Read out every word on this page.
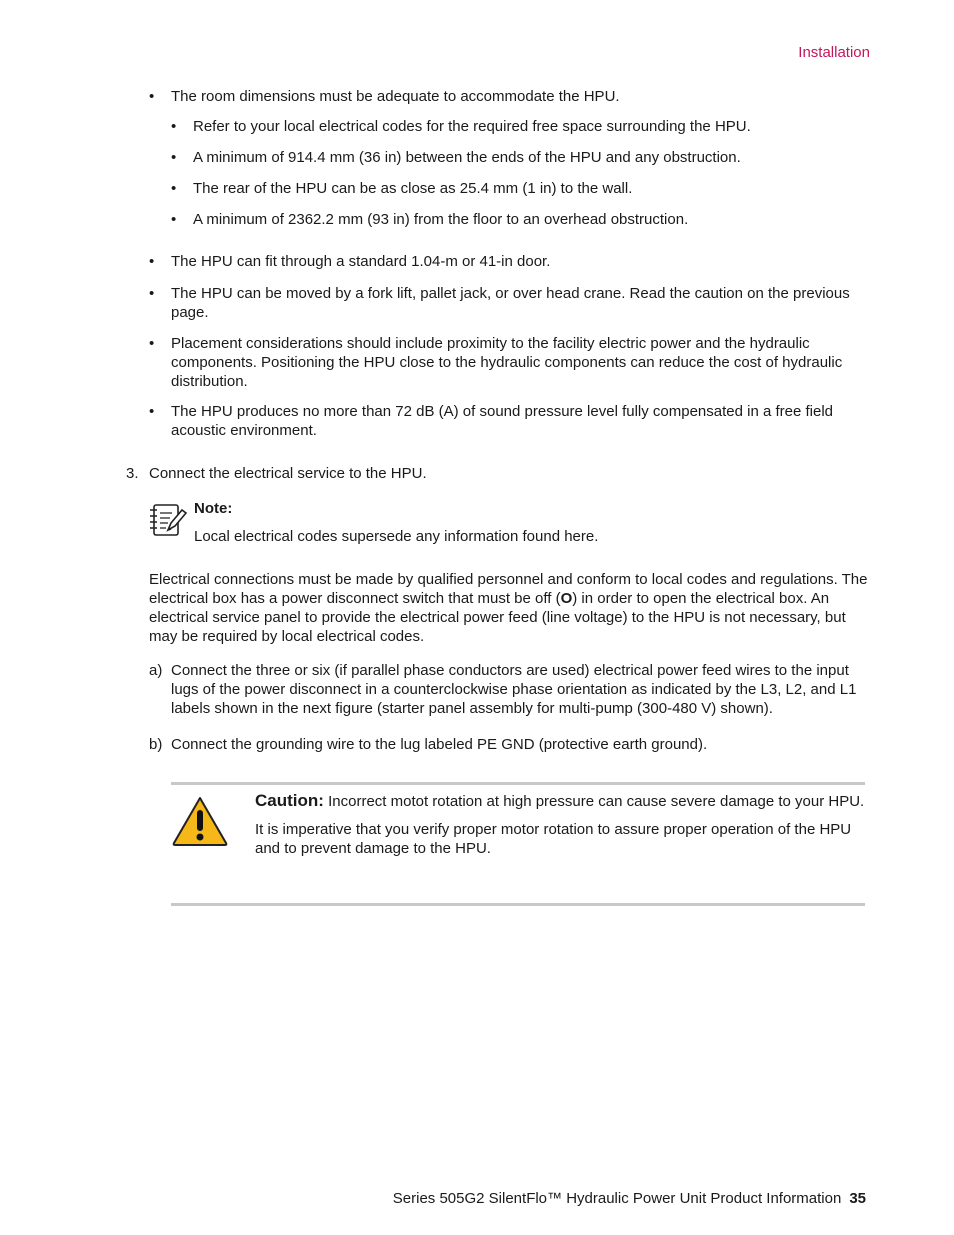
Installation
•	The room dimensions must be adequate to accommodate the HPU.
•	Refer to your local electrical codes for the required free space surrounding the HPU.
•	A minimum of 914.4 mm (36 in) between the ends of the HPU and any obstruction.
•	The rear of the HPU can be as close as 25.4 mm (1 in) to the wall.
•	A minimum of 2362.2 mm (93 in) from the floor to an overhead obstruction.
•	The HPU can fit through a standard 1.04-m or 41-in door.
•	The HPU can be moved by a fork lift, pallet jack, or over head crane. Read the caution on the previous page.
•	Placement considerations should include proximity to the facility electric power and the hydraulic components. Positioning the HPU close to the hydraulic components can reduce the cost of hydraulic distribution.
•	The HPU produces no more than 72 dB (A) of sound pressure level fully compensated in a free field acoustic environment.
3. Connect the electrical service to the HPU.
Note:
Local electrical codes supersede any information found here.
Electrical connections must be made by qualified personnel and conform to local codes and regulations. The electrical box has a power disconnect switch that must be off (O) in order to open the electrical box. An electrical service panel to provide the electrical power feed (line voltage) to the HPU is not necessary, but may be required by local electrical codes.
a) Connect the three or six (if parallel phase conductors are used) electrical power feed wires to the input lugs of the power disconnect in a counterclockwise phase orientation as indicated by the L3, L2, and L1 labels shown in the next figure (starter panel assembly for multi-pump (300-480 V) shown).
b) Connect the grounding wire to the lug labeled PE GND (protective earth ground).
Caution: Incorrect motot rotation at high pressure can cause severe damage to your HPU.
It is imperative that you verify proper motor rotation to assure proper operation of the HPU and to prevent damage to the HPU.
Series 505G2 SilentFlo™ Hydraulic Power Unit Product Information 35
